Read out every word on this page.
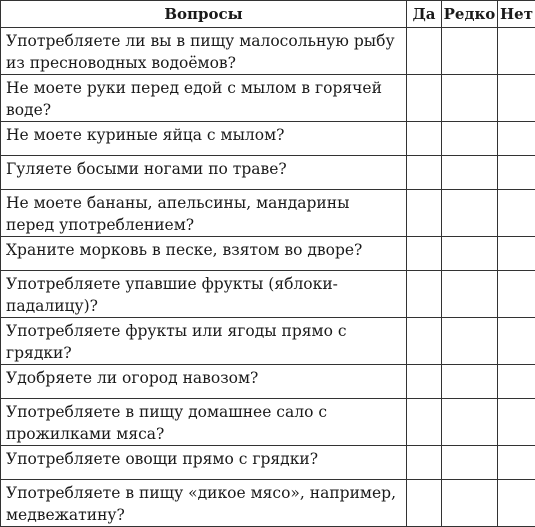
Вопросы	Да	Редко	Нет
Употребляете ли вы в пищу малосольную рыбу из пресноводных водоёмов?			
Не моете руки перед едой с мылом в горячей воде?			
Не моете куриные яйца с мылом?			
Гуляете босыми ногами по траве?			
Не моете бананы, апельсины, мандарины перед употреблением?			
Храните морковь в песке, взятом во дворе?			
Употребляете упавшие фрукты (яблоки-падалицу)?			
Употребляете фрукты или ягоды прямо с грядки?			
Удобряете ли огород навозом?			
Употребляете в пищу домашнее сало с прожилками мяса?			
Употребляете овощи прямо с грядки?			
Употребляете в пищу «дикое мясо», например, медвежатину?			
